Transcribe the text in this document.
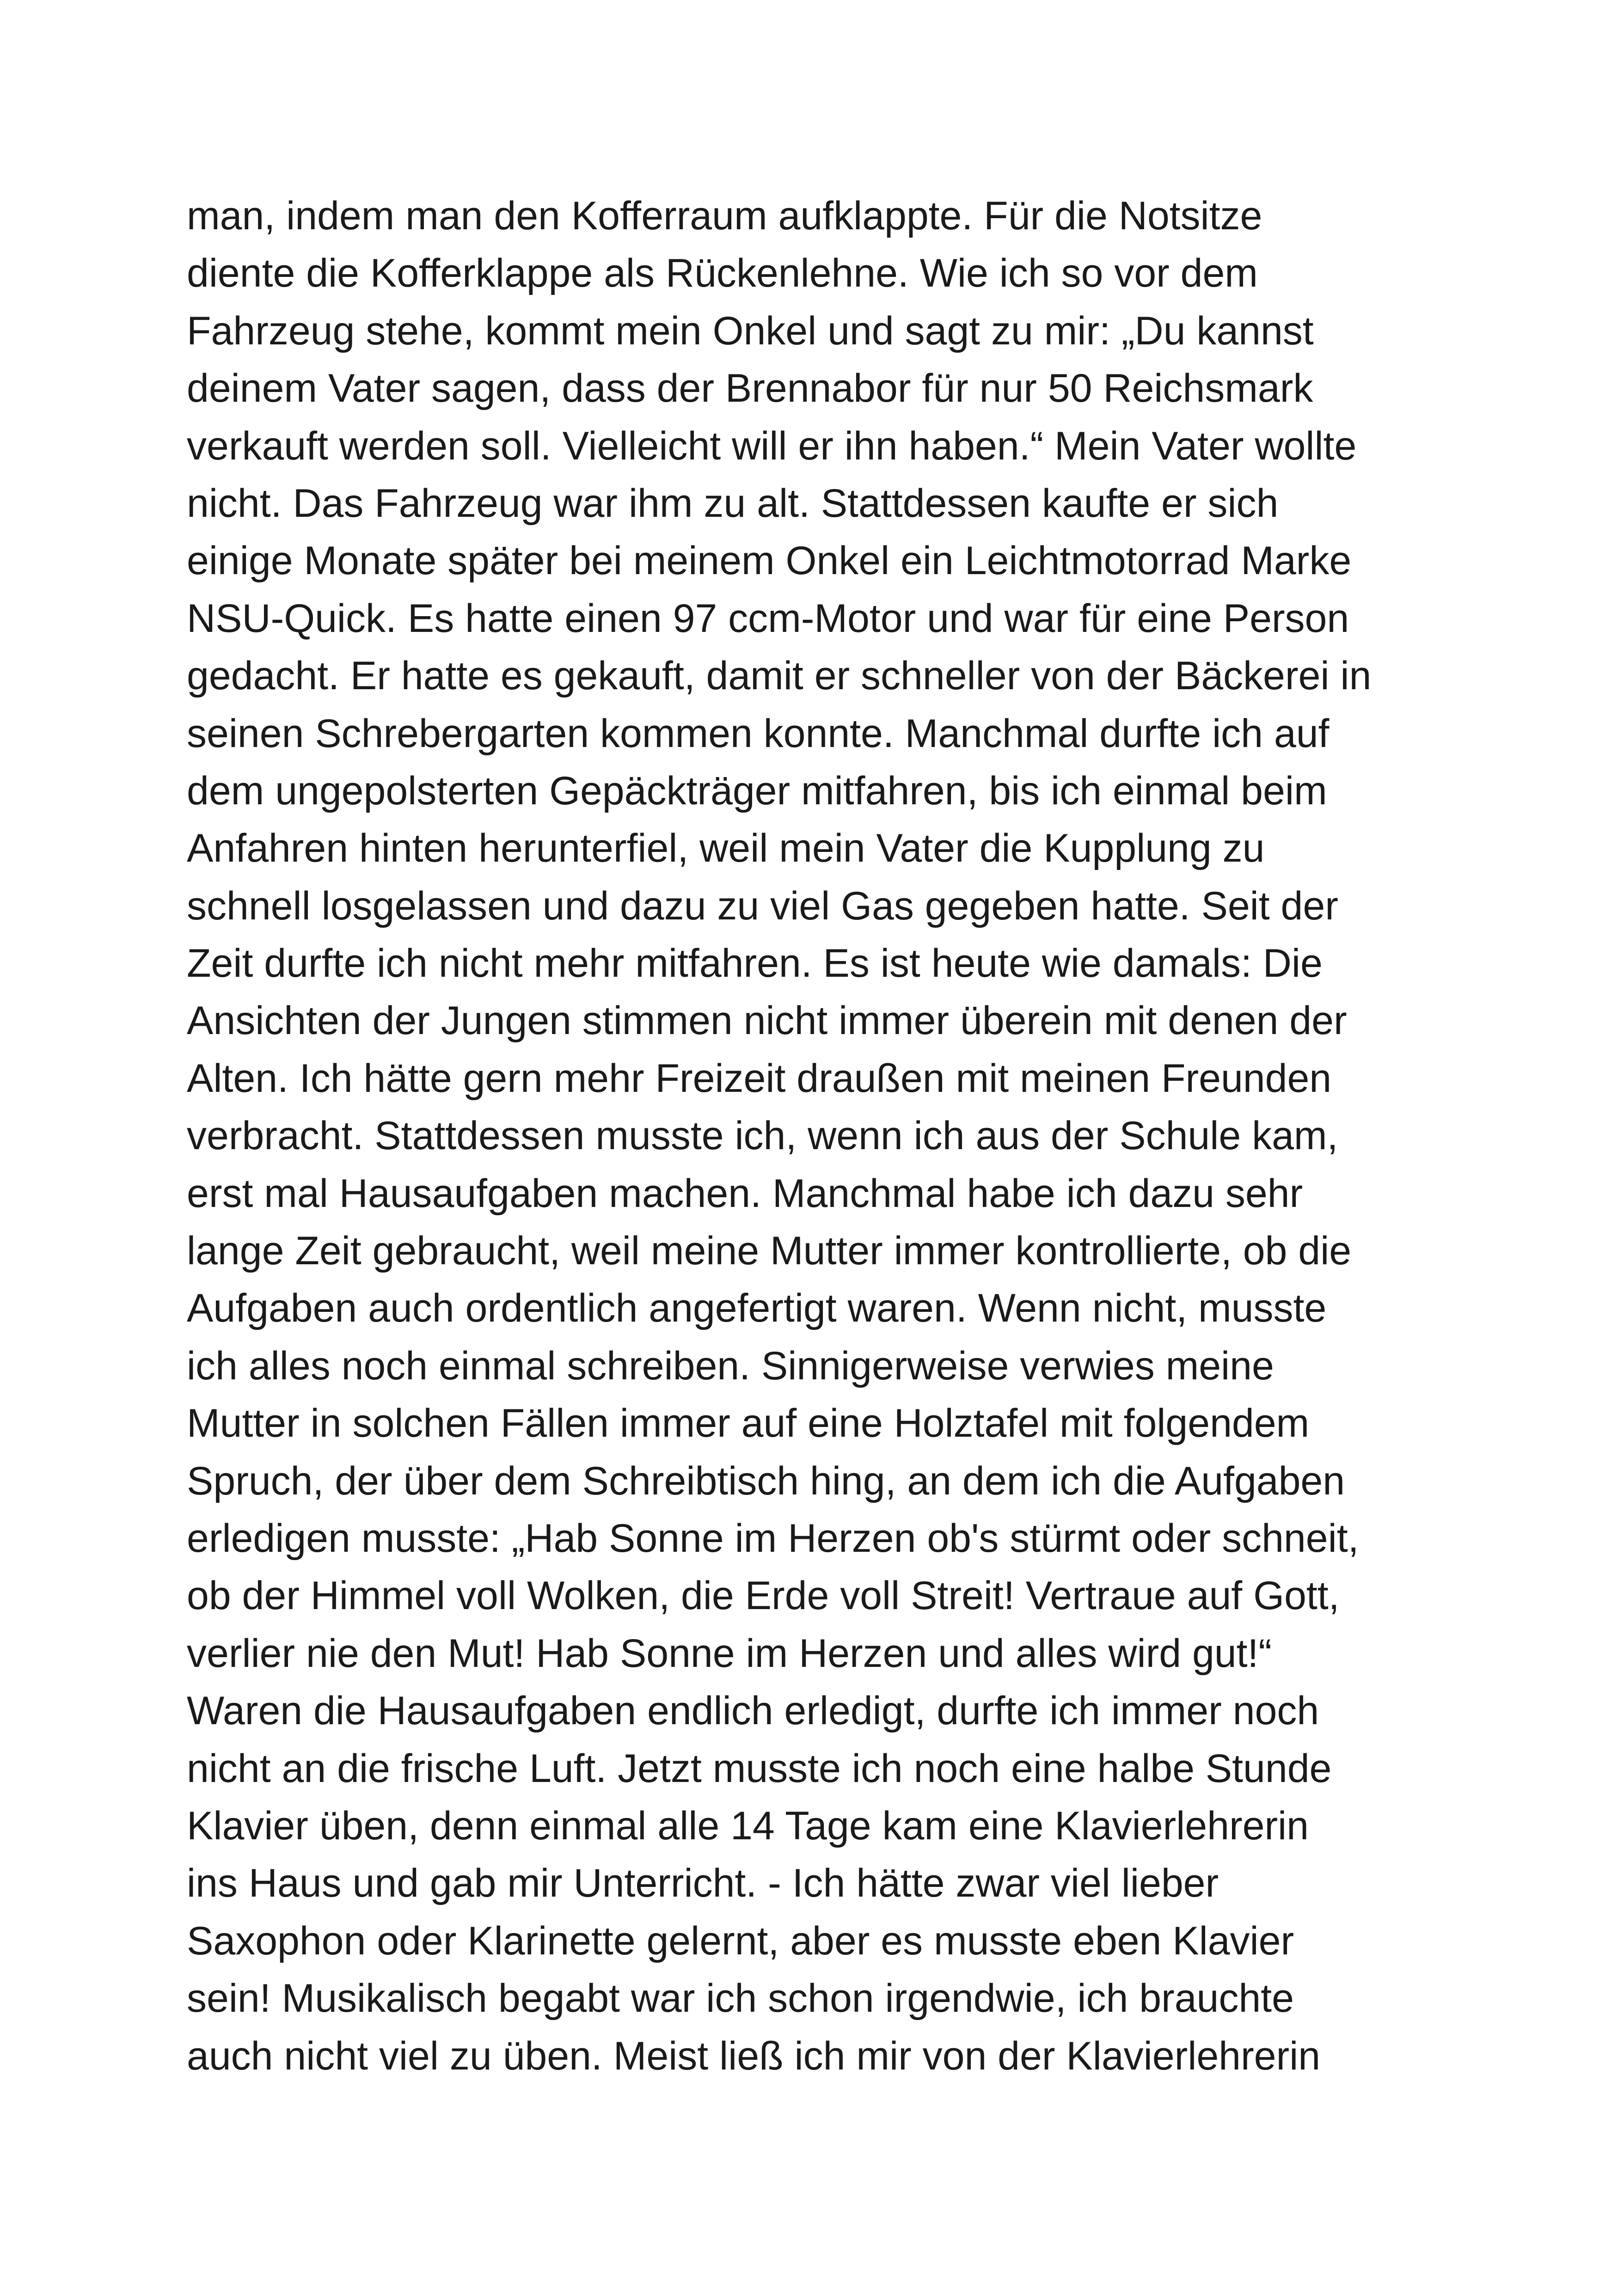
man, indem man den Kofferraum aufklappte. Für die Notsitze
diente die Kofferklappe als Rückenlehne. Wie ich so vor dem
Fahrzeug stehe, kommt mein Onkel und sagt zu mir: „Du kannst
deinem Vater sagen, dass der Brennabor für nur 50 Reichsmark
verkauft werden soll. Vielleicht will er ihn haben.“ Mein Vater wollte
nicht. Das Fahrzeug war ihm zu alt. Stattdessen kaufte er sich
einige Monate später bei meinem Onkel ein Leichtmotorrad Marke
NSU-Quick. Es hatte einen 97 ccm-Motor und war für eine Person
gedacht. Er hatte es gekauft, damit er schneller von der Bäckerei in
seinen Schrebergarten kommen konnte. Manchmal durfte ich auf
dem ungepolsterten Gepäckträger mitfahren, bis ich einmal beim
Anfahren hinten herunterfiel, weil mein Vater die Kupplung zu
schnell losgelassen und dazu zu viel Gas gegeben hatte. Seit der
Zeit durfte ich nicht mehr mitfahren. Es ist heute wie damals: Die
Ansichten der Jungen stimmen nicht immer überein mit denen der
Alten. Ich hätte gern mehr Freizeit draußen mit meinen Freunden
verbracht. Stattdessen musste ich, wenn ich aus der Schule kam,
erst mal Hausaufgaben machen. Manchmal habe ich dazu sehr
lange Zeit gebraucht, weil meine Mutter immer kontrollierte, ob die
Aufgaben auch ordentlich angefertigt waren. Wenn nicht, musste
ich alles noch einmal schreiben. Sinnigerweise verwies meine
Mutter in solchen Fällen immer auf eine Holztafel mit folgendem
Spruch, der über dem Schreibtisch hing, an dem ich die Aufgaben
erledigen musste: „Hab Sonne im Herzen ob's stürmt oder schneit,
ob der Himmel voll Wolken, die Erde voll Streit! Vertraue auf Gott,
verlier nie den Mut! Hab Sonne im Herzen und alles wird gut!“
Waren die Hausaufgaben endlich erledigt, durfte ich immer noch
nicht an die frische Luft. Jetzt musste ich noch eine halbe Stunde
Klavier üben, denn einmal alle 14 Tage kam eine Klavierlehrerin
ins Haus und gab mir Unterricht. - Ich hätte zwar viel lieber
Saxophon oder Klarinette gelernt, aber es musste eben Klavier
sein! Musikalisch begabt war ich schon irgendwie, ich brauchte
auch nicht viel zu üben. Meist ließ ich mir von der Klavierlehrerin
